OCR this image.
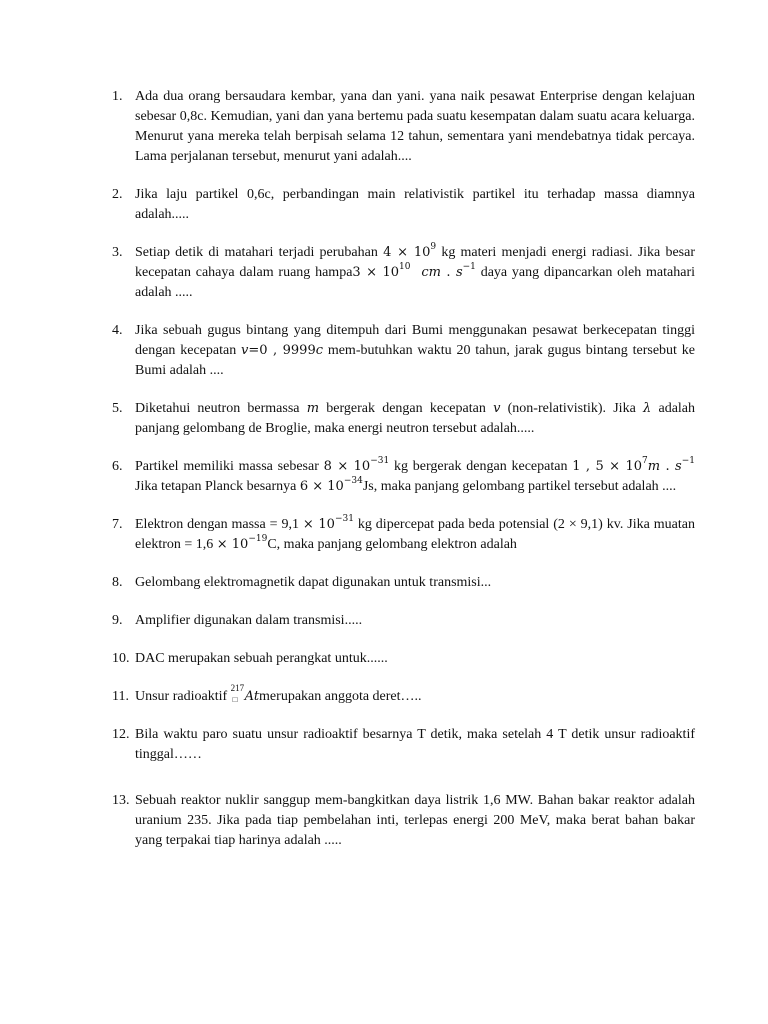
1. Ada dua orang bersaudara kembar, yana dan yani. yana naik pesawat Enterprise dengan kelajuan sebesar 0,8c. Kemudian, yani dan yana bertemu pada suatu kesempatan dalam suatu acara keluarga. Menurut yana mereka telah berpisah selama 12 tahun, sementara yani mendebatnya tidak percaya. Lama perjalanan tersebut, menurut yani adalah....
2. Jika laju partikel 0,6c, perbandingan main relativistik partikel itu terhadap massa diamnya adalah.....
3. Setiap detik di matahari terjadi perubahan $4 \times 10^9$ kg materi menjadi energi radiasi. Jika besar kecepatan cahaya dalam ruang hampa3 × $10^{10}$ cm . $s^{-1}$ daya yang dipancarkan oleh matahari adalah .....
4. Jika sebuah gugus bintang yang ditempuh dari Bumi menggunakan pesawat berkecepatan tinggi dengan kecepatan v=0 , 9999c mem-butuhkan waktu 20 tahun, jarak gugus bintang tersebut ke Bumi adalah ....
5. Diketahui neutron bermassa m bergerak dengan kecepatan v (non-relativistik). Jika λ adalah panjang gelombang de Broglie, maka energi neutron tersebut adalah.....
6. Partikel memiliki massa sebesar $8 \times 10^{-31}$ kg bergerak dengan kecepatan 1 , $5 \times 10^7m$ . $s^{-1}$ Jika tetapan Planck besarnya $6 \times 10^{-34}Js$, maka panjang gelombang partikel tersebut adalah ....
7. Elektron dengan massa = $9,1 \times 10^{-31}$ kg dipercepat pada beda potensial (2 × 9,1) kv. Jika muatan elektron = $1,6 \times 10^{-19}C$, maka panjang gelombang elektron adalah
8. Gelombang elektromagnetik dapat digunakan untuk transmisi...
9. Amplifier digunakan dalam transmisi.....
10. DAC merupakan sebuah perangkat untuk......
11. Unsur radioaktif
217
□ Atmerupakan anggota deret…..
12. Bila waktu paro suatu unsur radioaktif besarnya T detik, maka setelah 4 T detik unsur radioaktif tinggal……
13. Sebuah reaktor nuklir sanggup mem-bangkitkan daya listrik 1,6 MW. Bahan bakar reaktor adalah uranium 235. Jika pada tiap pembelahan inti, terlepas energi 200 MeV, maka berat bahan bakar yang terpakai tiap harinya adalah .....
